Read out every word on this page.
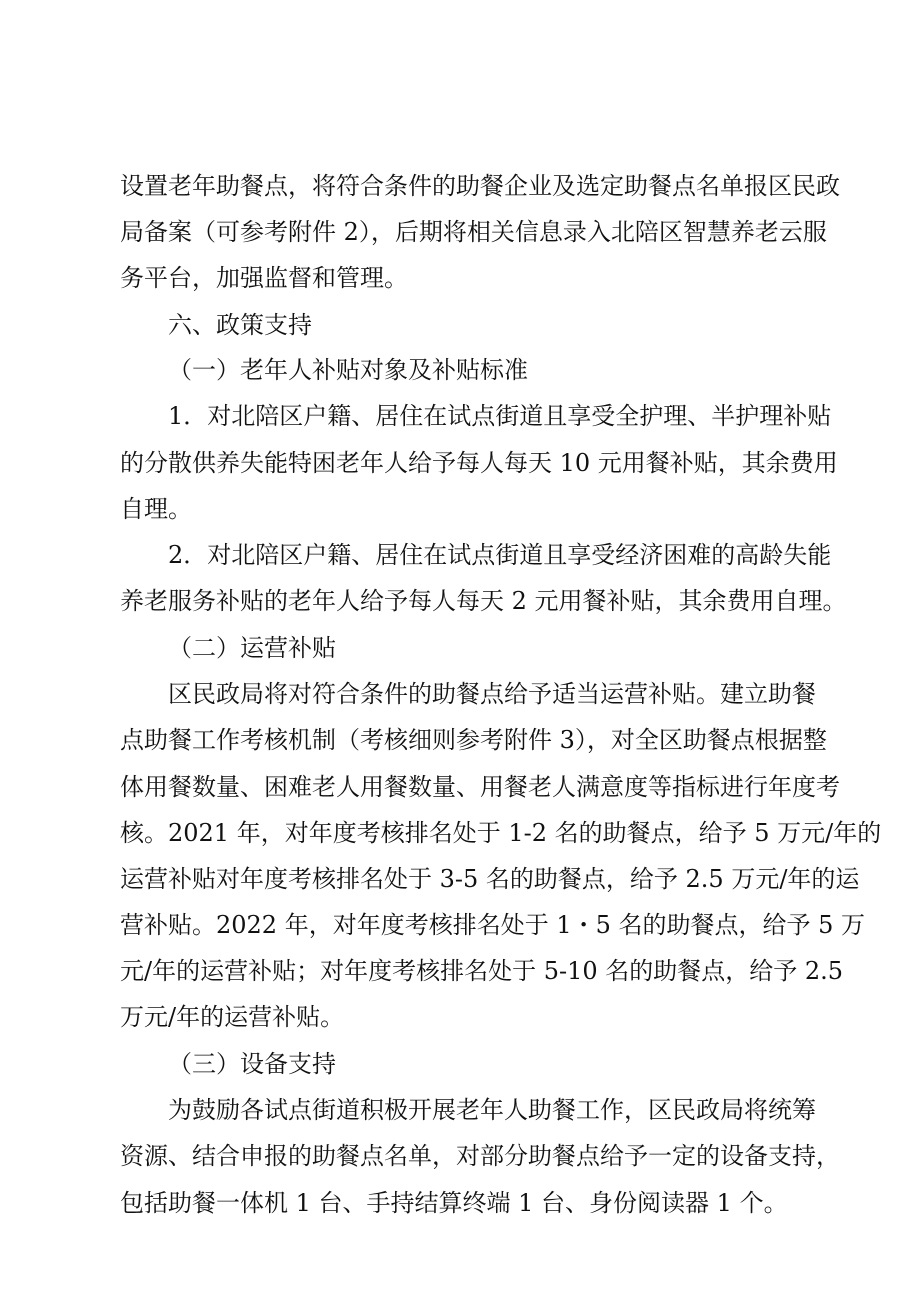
设置老年助餐点，将符合条件的助餐企业及选定助餐点名单报区民政

局备案（可参考附件 2），后期将相关信息录入北陪区智慧养老云服

务平台，加强监督和管理。

六、政策支持

（一）老年人补贴对象及补贴标准

1．对北陪区户籍、居住在试点街道且享受全护理、半护理补贴

的分散供养失能特困老年人给予每人每天 10 元用餐补贴，其余费用

自理。

2．对北陪区户籍、居住在试点街道且享受经济困难的高龄失能

养老服务补贴的老年人给予每人每天 2 元用餐补贴，其余费用自理。

（二）运营补贴

区民政局将对符合条件的助餐点给予适当运营补贴。建立助餐

点助餐工作考核机制（考核细则参考附件 3），对全区助餐点根据整

体用餐数量、困难老人用餐数量、用餐老人满意度等指标进行年度考

核。2021 年，对年度考核排名处于 1-2 名的助餐点，给予 5 万元/年的

运营补贴对年度考核排名处于 3-5 名的助餐点，给予 2.5 万元/年的运

营补贴。2022 年，对年度考核排名处于 1・5 名的助餐点，给予 5 万

元/年的运营补贴；对年度考核排名处于 5-10 名的助餐点，给予 2.5

万元/年的运营补贴。

（三）设备支持

为鼓励各试点街道积极开展老年人助餐工作，区民政局将统筹

资源、结合申报的助餐点名单，对部分助餐点给予一定的设备支持，

包括助餐一体机 1 台、手持结算终端 1 台、身份阅读器 1 个。
